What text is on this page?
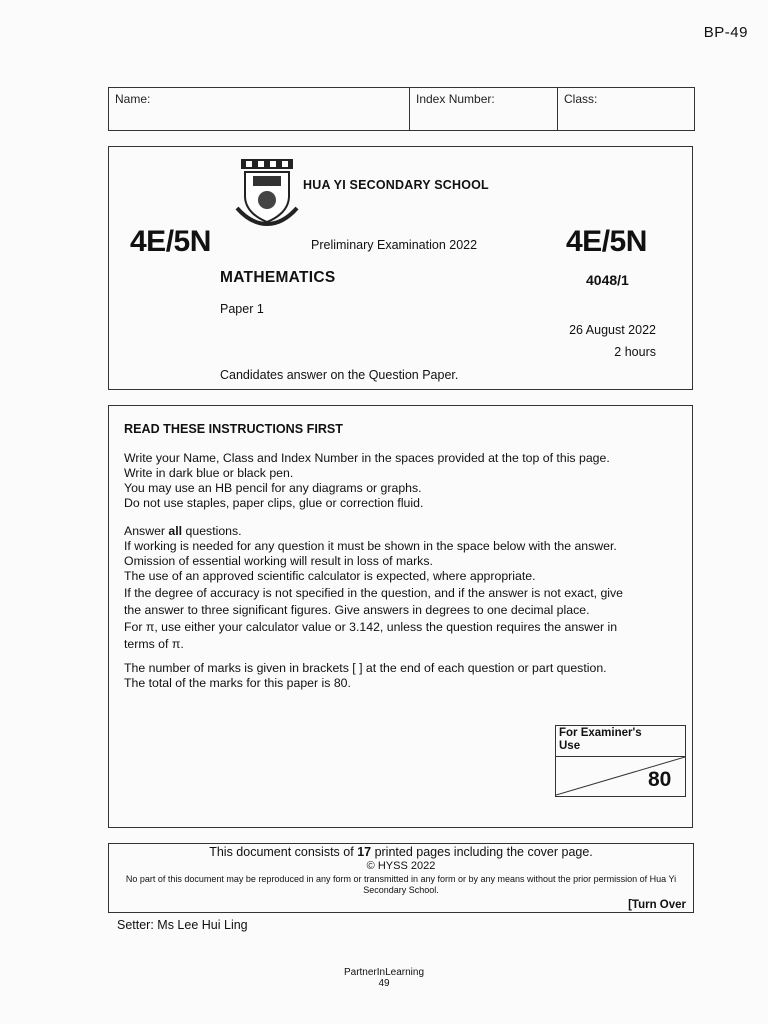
BP-49
Name:	Index Number:	Class:
HUA YI SECONDARY SCHOOL
4E/5N	Preliminary Examination 2022	4E/5N
MATHEMATICS	4048/1
Paper 1
26 August 2022
2 hours
Candidates answer on the Question Paper.
READ THESE INSTRUCTIONS FIRST

Write your Name, Class and Index Number in the spaces provided at the top of this page.

Write in dark blue or black pen.

You may use an HB pencil for any diagrams or graphs.

Do not use staples, paper clips, glue or correction fluid.

Answer all questions.

If working is needed for any question it must be shown in the space below with the answer.

Omission of essential working will result in loss of marks.

The use of an approved scientific calculator is expected, where appropriate.

If the degree of accuracy is not specified in the question, and if the answer is not exact, give

the answer to three significant figures. Give answers in degrees to one decimal place.

For π, use either your calculator value or 3.142, unless the question requires the answer in

terms of π.

The number of marks is given in brackets [ ] at the end of each question or part question.

The total of the marks for this paper is 80.

For Examiner's
Use
80
This document consists of 17 printed pages including the cover page.
© HYSS 2022
No part of this document may be reproduced in any form or transmitted in any form or by any means without the prior permission of Hua Yi Secondary School.
[Turn Over
Setter: Ms Lee Hui Ling
PartnerInLearning
49
